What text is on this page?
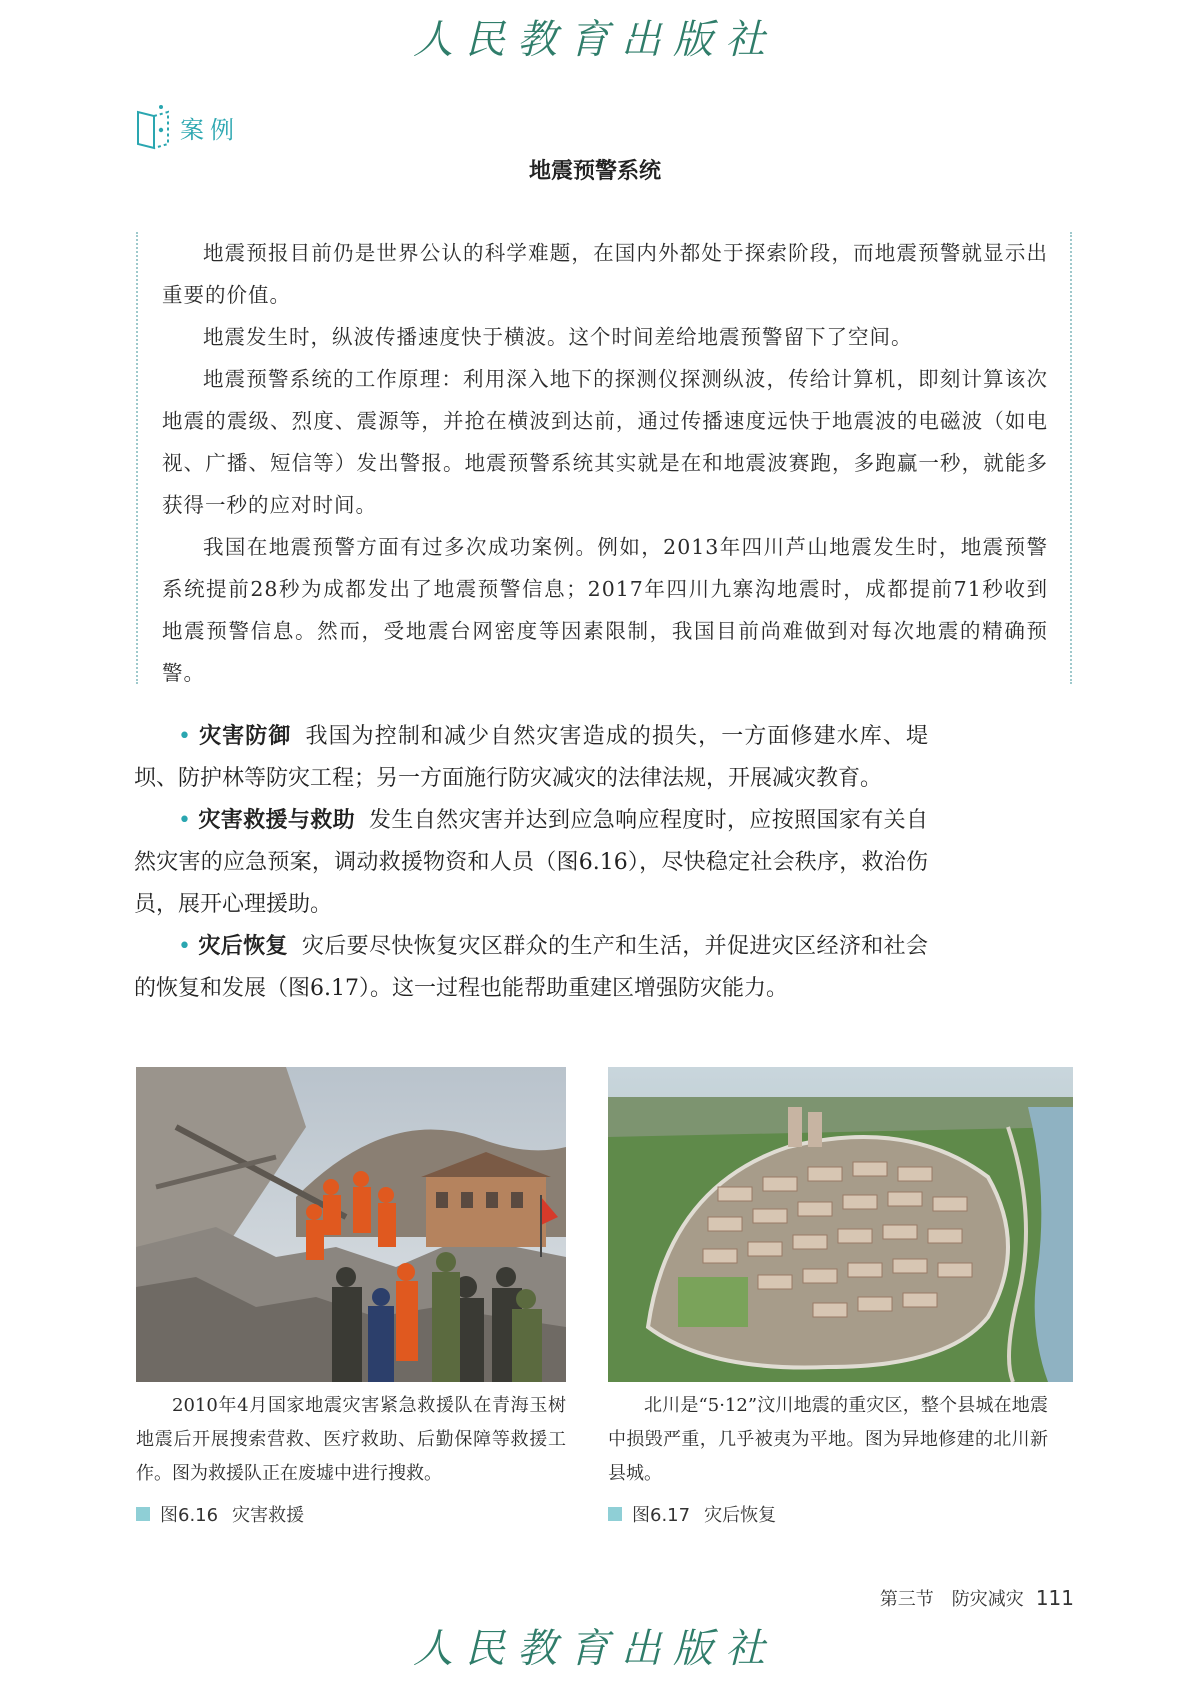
人民教育出版社
案例
地震预警系统

地震预报目前仍是世界公认的科学难题，在国内外都处于探索阶段，而地震预警就显示出重要的价值。

地震发生时，纵波传播速度快于横波。这个时间差给地震预警留下了空间。

地震预警系统的工作原理：利用深入地下的探测仪探测纵波，传给计算机，即刻计算该次地震的震级、烈度、震源等，并抢在横波到达前，通过传播速度远快于地震波的电磁波（如电视、广播、短信等）发出警报。地震预警系统其实就是在和地震波赛跑，多跑赢一秒，就能多获得一秒的应对时间。

我国在地震预警方面有过多次成功案例。例如，2013年四川芦山地震发生时，地震预警系统提前28秒为成都发出了地震预警信息；2017年四川九寨沟地震时，成都提前71秒收到地震预警信息。然而，受地震台网密度等因素限制，我国目前尚难做到对每次地震的精确预警。

• 灾害防御 我国为控制和减少自然灾害造成的损失，一方面修建水库、堤坝、防护林等防灾工程；另一方面施行防灾减灾的法律法规，开展减灾教育。

• 灾害救援与救助 发生自然灾害并达到应急响应程度时，应按照国家有关自然灾害的应急预案，调动救援物资和人员（图6.16），尽快稳定社会秩序，救治伤员，展开心理援助。

• 灾后恢复 灾后要尽快恢复灾区群众的生产和生活，并促进灾区经济和社会的恢复和发展（图6.17）。这一过程也能帮助重建区增强防灾能力。

2010年4月国家地震灾害紧急救援队在青海玉树地震后开展搜索营救、医疗救助、后勤保障等救援工作。图为救援队正在废墟中进行搜救。
北川是“5·12”汶川地震的重灾区，整个县城在地震中损毁严重，几乎被夷为平地。图为异地修建的北川新县城。
图6.16 灾害救援	图6.17 灾后恢复
第三节　防灾减灾 111
人民教育出版社
